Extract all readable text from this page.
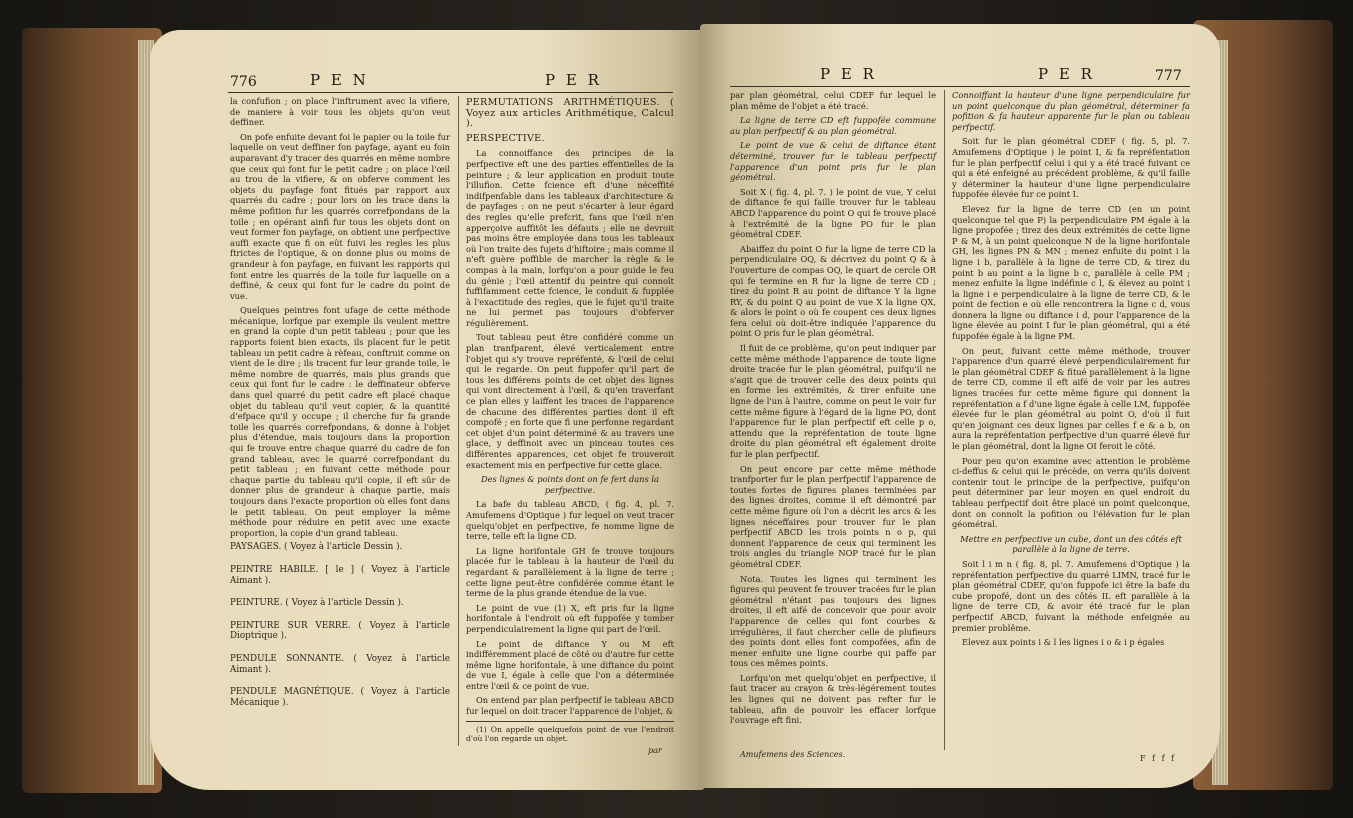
776	P E N	P E R

la confufion ; on place l'inftrument avec la vifiere, de maniere à voir tous les objets qu'on veut deffiner.

On pofe enfuite devant foi le papier ou la toile fur laquelle on veut deffiner fon payfage, ayant eu foin auparavant d'y tracer des quarrés en même nombre que ceux qui font fur le petit cadre ; on place l'œil au trou de la vifiere, & on obferve comment les objets du payfage font fitués par rapport aux quarrés du cadre ; pour lors on les trace dans la même pofition fur les quarrés correfpondans de la toile ; en opérant ainfi fur tous les objets dont on veut former fon payfage, on obtient une perfpective auffi exacte que fi on eût fuivi les regles les plus ftrictes de l'optique, & on donne plus ou moins de grandeur à fon payfage, en fuivant les rapports qui font entre les quarrés de la toile fur laquelle on a deffiné, & ceux qui font fur le cadre du point de vue.

Quelques peintres font ufage de cette méthode mécanique, lorfque par exemple ils veulent mettre en grand la copie d'un petit tableau ; pour que les rapports foient bien exacts, ils placent fur le petit tableau un petit cadre à rèfeau, conftruit comme on vient de le dire ; ils tracent fur leur grande toile, le même nombre de quarrés, mais plus grands que ceux qui font fur le cadre : le deffinateur obferve dans quel quarré du petit cadre eft placé chaque objet du tableau qu'il veut copier, & la quantité d'efpace qu'il y occupe ; il cherche fur fa grande toile les quarrés correfpondans, & donne à l'objet plus d'étendue, mais toujours dans la proportion qui fe trouve entre chaque quarré du cadre de fon grand tableau, avec le quarré correfpondant du petit tableau ; en fuivant cette méthode pour chaque partie du tableau qu'il copie, il eft sûr de donner plus de grandeur à chaque partie, mais toujours dans l'exacte proportion où elles font dans le petit tableau. On peut employer la même méthode pour réduire en petit avec une exacte proportion, la copie d'un grand tableau.

PAYSAGES. ( Voyez à l'article Dessin ).

PEINTRE HABILE. [ le ] ( Voyez à l'article Aimant ).

PEINTURE. ( Voyez à l'article Dessin ).

PEINTURE SUR VERRE. ( Voyez à l'article Dioptrique ).

PENDULE SONNANTE. ( Voyez à l'article Aimant ).

PENDULE MAGNÉTIQUE. ( Voyez à l'article Mécanique ).

PERMUTATIONS ARITHMÉTIQUES. ( Voyez aux articles Arithmétique, Calcul ).

PERSPECTIVE.

La connoiffance des principes de la perfpective eft une des parties effentielles de la peinture ; & leur application en produit toute l'illufion. Cette fcience eft d'une néceffité indifpenfable dans les tableaux d'architecture & de payfages : on ne peut s'écarter à leur égard des regles qu'elle prefcrit, fans que l'œil n'en apperçoive auffitôt les défauts ; elle ne devroit pas moins être employée dans tous les tableaux où l'on traite des fujets d'hiftoire ; mais comme il n'eft guère poffible de marcher la règle & le compas à la main, lorfqu'on a pour guide le feu du génie ; l'œil attentif du peintre qui connoît fuffifamment cette fcience, le conduit & fupplée à l'exactitude des regles, que le fujet qu'il traite ne lui permet pas toujours d'obferver régulièrement.

Tout tableau peut être confidéré comme un plan tranfparent, élevé verticalement entre l'objet qui s'y trouve repréfenté, & l'œil de celui qui le regarde. On peut fuppofer qu'il part de tous les différens points de cet objet des lignes qui vont directement à l'œil, & qu'en traverfant ce plan elles y laiffent les traces de l'apparence de chacune des différentes parties dont il eft compofé ; en forte que fi une perfonne regardant cet objet d'un point déterminé & au travers une glace, y deffinoit avec un pinceau toutes ces différentes apparences, cet objet fe trouveroit exactement mis en perfpective fur cette glace.

Des lignes & points dont on fe fert dans la perfpective.

La bafe du tableau ABCD, ( fig. 4, pl. 7. Amufemens d'Optique ) fur lequel on veut tracer quelqu'objet en perfpective, fe nomme ligne de terre, telle eft la ligne CD.

La ligne horifontale GH fe trouve toujours placée fur le tableau à la hauteur de l'œil du regardant & parallèlement à la ligne de terre ; cette ligne peut-être confidérée comme étant le terme de la plus grande étendue de la vue.

Le point de vue (1) X, eft pris fur la ligne horifontale à l'endroit où eft fuppofée y tomber perpendiculairement la ligne qui part de l'œil.

Le point de diftance Y ou M eft indifféremment placé de côté ou d'autre fur cette même ligne horifontale, à une diftance du point de vue I, égale à celle que l'on a déterminée entre l'œil & ce point de vue.

On entend par plan perfpectif le tableau ABCD fur lequel on doit tracer l'apparence de l'objet, &

(1) On appelle quelquefois point de vue l'endroit d'où l'on regarde un objet.

par
P E R	P E R	777

par plan géométral, celui CDEF fur lequel le plan même de l'objet a été tracé.

La ligne de terre CD eft fuppofée commune au plan perfpectif & au plan géométral.

Le point de vue & celui de diftance étant déterminé, trouver fur le tableau perfpectif l'apparence d'un point pris fur le plan géométral.

Soit X ( fig. 4, pl. 7. ) le point de vue, Y celui de diftance fe qui faille trouver fur le tableau ABCD l'apparence du point O qui fe trouve placé à l'extrémité de la ligne PO fur le plan géométral CDEF.

Abaiffez du point O fur la ligne de terre CD la perpendiculaire OQ, & décrivez du point Q & à l'ouverture de compas OQ, le quart de cercle OR qui fe termine en R fur la ligne de terre CD ; tirez du point R au point de diftance Y la ligne RY, & du point Q au point de vue X la ligne QX, & alors le point o où fe coupent ces deux lignes fera celui où doit-être indiquée l'apparence du point O pris fur le plan géométral.

Il fuit de ce problème, qu'on peut indiquer par cette même méthode l'apparence de toute ligne droite tracée fur le plan géométral, puifqu'il ne s'agit que de trouver celle des deux points qui en forme les extrémités, & tirer enfuite une ligne de l'un à l'autre, comme on peut le voir fur cette même figure à l'égard de la ligne PO, dont l'apparence fur le plan perfpectif eft celle p o, attendu que la repréfentation de toute ligne droite du plan géométral eft également droite fur le plan perfpectif.

On peut encore par cette même méthode tranfporter fur le plan perfpectif l'apparence de toutes fortes de figures planes terminées par des lignes droites, comme il eft démontré par cette même figure où l'on a décrit les arcs & les lignes néceffaires pour trouver fur le plan perfpectif ABCD les trois points n o p, qui donnent l'apparence de ceux qui terminent les trois angles du triangle NOP tracé fur le plan géométral CDEF.

Nota. Toutes les lignes qui terminent les figures qui peuvent fe trouver tracées fur le plan géométral n'étant pas toujours des lignes droites, il eft aifé de concevoir que pour avoir l'apparence de celles qui font courbes & irrégulières, il faut chercher celle de plufieurs des points dont elles font compofées, afin de mener enfuite une ligne courbe qui paffe par tous ces mêmes points.

Lorfqu'on met quelqu'objet en perfpective, il faut tracer au crayon & très-légérement toutes les lignes qui ne doivent pas refter fur le tableau, afin de pouvoir les effacer lorfque l'ouvrage eft fini.

Amufemens des Sciences.

Connoiffant la hauteur d'une ligne perpendiculaire fur un point quelconque du plan géométral, déterminer fa pofition & fa hauteur apparente fur le plan ou tableau perfpectif.

Soit fur le plan géométral CDEF ( fig. 5, pl. 7. Amufemens d'Optique ) le point I, & fa repréfentation fur le plan perfpectif celui i qui y a été tracé fuivant ce qui a été enfeigné au précédent problème, & qu'il faille y déterminer la hauteur d'une ligne perpendiculaire fuppofée élevée fur ce point I.

Elevez fur la ligne de terre CD (en un point quelconque tel que P) la perpendiculaire PM égale à la ligne propofée ; tirez des deux extrémités de cette ligne P & M, à un point quelconque N de la ligne horifontale GH, les lignes PN & MN ; menez enfuite du point i la ligne i b, parallèle à la ligne de terre CD, & tirez du point b au point a la ligne b c, parallèle à celle PM ; menez enfuite la ligne indéfinie c l, & élevez au point i la ligne i e perpendiculaire à la ligne de terre CD, & le point de fection e où elle rencontrera la ligne c d, vous donnera la ligne ou diftance i d, pour l'apparence de la ligne élevée au point I fur le plan géométral, qui a été fuppofée égale à la ligne PM.

On peut, fuivant cette même méthode, trouver l'apparence d'un quarré élevé perpendiculairement fur le plan géométral CDEF & fitué parallèlement à la ligne de terre CD, comme il eft aifé de voir par les autres lignes tracées fur cette même figure qui donnent la repréfentation a f d'une ligne égale à celle LM, fuppofée élevée fur le plan géométral au point O, d'où il fuit qu'en joignant ces deux lignes par celles f e & a b, on aura la repréfentation perfpective d'un quarré élevé fur le plan géométral, dont la ligne OI feroit le côté.

Pour peu qu'on examine avec attention le problème ci-deffus & celui qui le précède, on verra qu'ils doivent contenir tout le principe de la perfpective, puifqu'on peut déterminer par leur moyen en quel endroit du tableau perfpectif doit être placé un point quelconque, dont on connoît la pofition ou l'élévation fur le plan géométral.

Mettre en perfpective un cube, dont un des côtés eft parallèle à la ligne de terre.

Soit l i m n ( fig. 8, pl. 7. Amufemens d'Optique ) la repréfentation perfpective du quarré LIMN, tracé fur le plan géométral CDEF, qu'on fuppofe ici être la bafe du cube propofé, dont un des côtés IL eft parallèle à la ligne de terre CD, & avoir été tracé fur le plan perfpectif ABCD, fuivant la méthode enfeignée au premier problême.

Elevez aux points i & l les lignes i o & i p égales

F f f f
